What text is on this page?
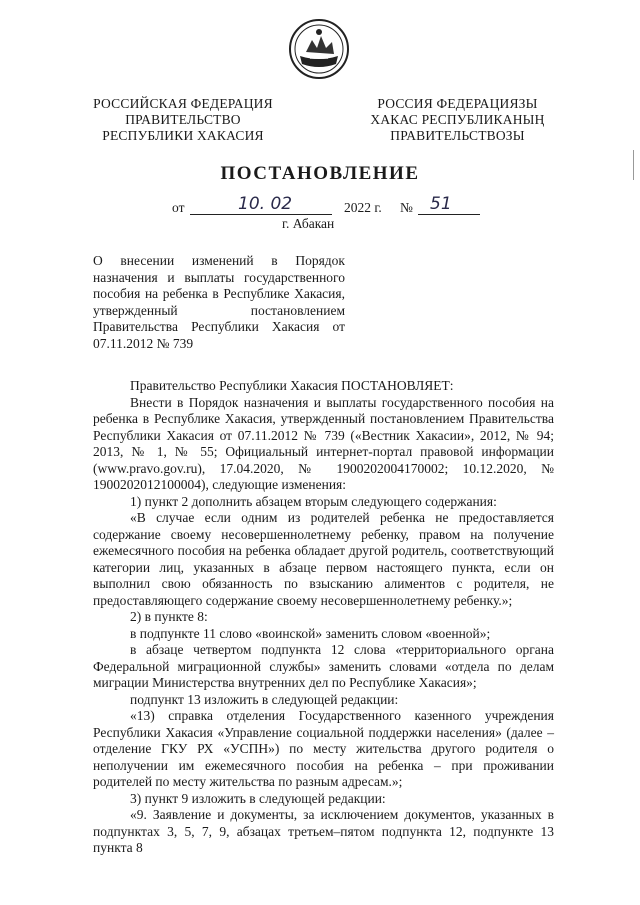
РОССИЙСКАЯ ФЕДЕРАЦИЯ
ПРАВИТЕЛЬСТВО
РЕСПУБЛИКИ ХАКАСИЯ
РОССИЯ ФЕДЕРАЦИЯЗЫ
ХАКАС РЕСПУБЛИКАНЫҢ
ПРАВИТЕЛЬСТВОЗЫ
ПОСТАНОВЛЕНИЕ
от	10. 02	2022 г. № 51
г. Абакан
О внесении изменений в Порядок назначения и выплаты государственного пособия на ребенка в Республике Хакасия, утвержденный постановлением Правительства Республики Хакасия от 07.11.2012 № 739

Правительство Республики Хакасия ПОСТАНОВЛЯЕТ:

Внести в Порядок назначения и выплаты государственного пособия на ребенка в Республике Хакасия, утвержденный постановлением Правительства Республики Хакасия от 07.11.2012 № 739 («Вестник Хакасии», 2012, № 94; 2013, № 1, № 55; Официальный интернет-портал правовой информации (www.pravo.gov.ru), 17.04.2020, № 1900202004170002; 10.12.2020, № 1900202012100004), следующие изменения:

1) пункт 2 дополнить абзацем вторым следующего содержания:

«В случае если одним из родителей ребенка не предоставляется содержание своему несовершеннолетнему ребенку, правом на получение ежемесячного пособия на ребенка обладает другой родитель, соответствующий категории лиц, указанных в абзаце первом настоящего пункта, если он выполнил свою обязанность по взысканию алиментов с родителя, не предоставляющего содержание своему несовершеннолетнему ребенку.»;

2) в пункте 8:

в подпункте 11 слово «воинской» заменить словом «военной»;

в абзаце четвертом подпункта 12 слова «территориального органа Федеральной миграционной службы» заменить словами «отдела по делам миграции Министерства внутренних дел по Республике Хакасия»;

подпункт 13 изложить в следующей редакции:

«13) справка отделения Государственного казенного учреждения Республики Хакасия «Управление социальной поддержки населения» (далее – отделение ГКУ РХ «УСПН») по месту жительства другого родителя о неполучении им ежемесячного пособия на ребенка – при проживании родителей по месту жительства по разным адресам.»;

3) пункт 9 изложить в следующей редакции:

«9. Заявление и документы, за исключением документов, указанных в подпунктах 3, 5, 7, 9, абзацах третьем–пятом подпункта 12, подпункте 13 пункта 8
